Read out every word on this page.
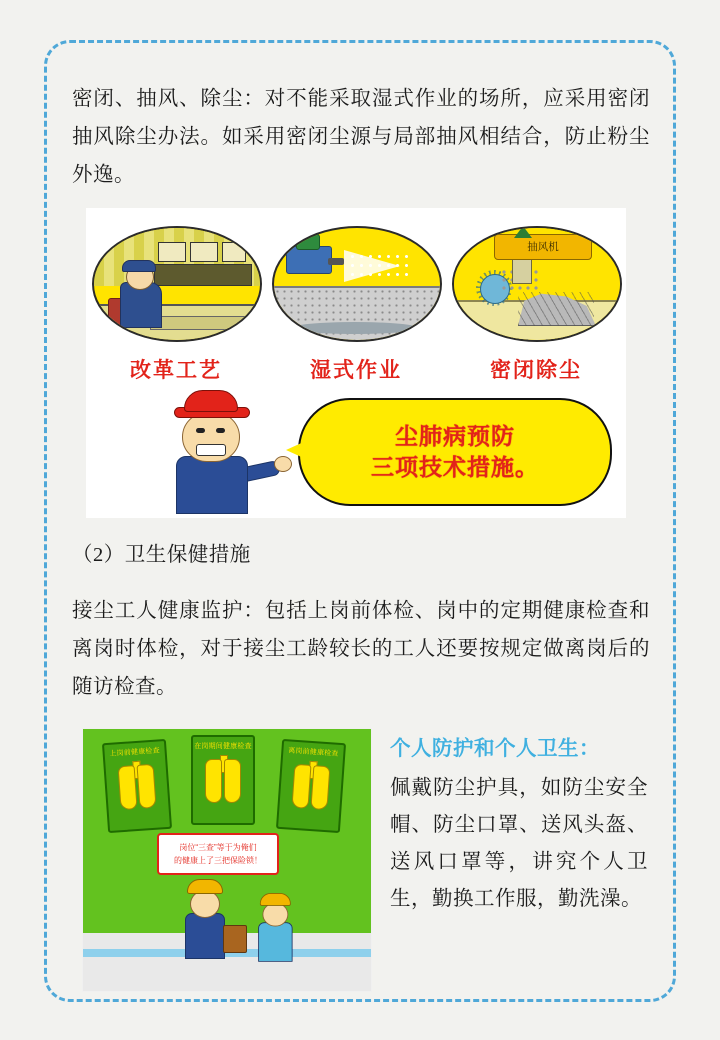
密闭、抽风、除尘：对不能采取湿式作业的场所，应采用密闭抽风除尘办法。如采用密闭尘源与局部抽风相结合，防止粉尘外逸。

抽风机
改革工艺	湿式作业	密闭除尘
尘肺病预防
三项技术措施。

（2）卫生保健措施

接尘工人健康监护：包括上岗前体检、岗中的定期健康检查和离岗时体检，对于接尘工龄较长的工人还要按规定做离岗后的随访检查。

上岗前健康检查
在岗期间健康检查
离岗前健康检查
岗位“三查”等于为俺们
的健康上了三把保险锁！
个人防护和个人卫生：
佩戴防尘护具，如防尘安全帽、防尘口罩、送风头盔、送风口罩等，讲究个人卫生，勤换工作服，勤洗澡。
